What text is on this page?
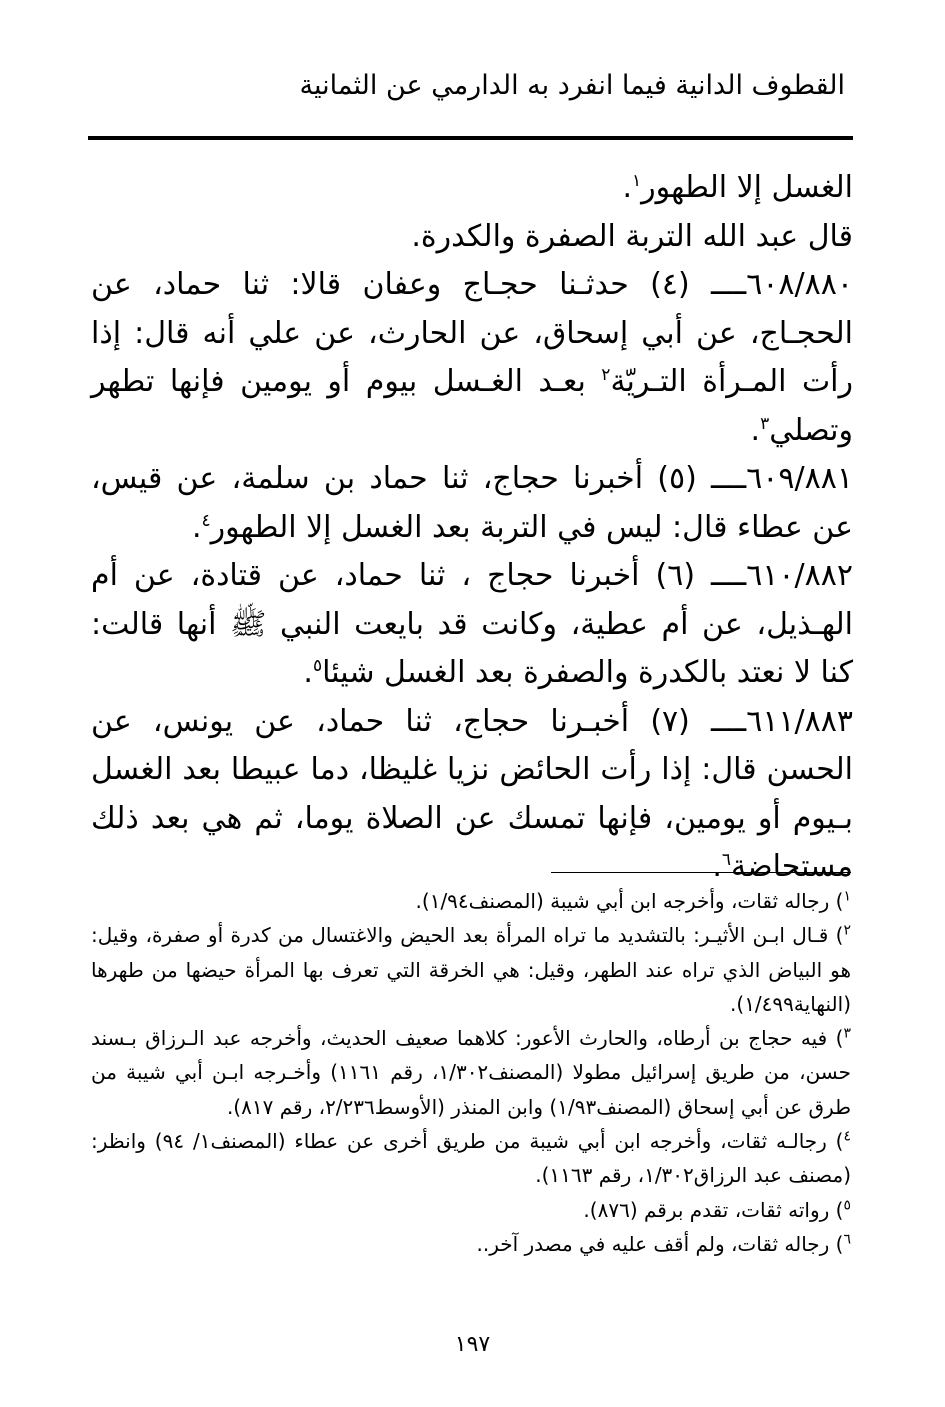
القطوف الدانية فيما انفرد به الدارمي عن الثمانية

الغسل إلا الطهور$^١$.

قال عبد الله التربة الصفرة والكدرة.

٦٠٨/٨٨٠ــــ (٤) حدثـنا حجـاج وعفان قالا: ثنا حماد، عن الحجـاج، عن أبي إسحاق، عن الحارث، عن علي أنه قال: إذا رأت المـرأة التـريّة$^٢$ بعـد الغـسل بيوم أو يومين فإنها تطهر وتصلي$^٣$.

٦٠٩/٨٨١ــــ (٥) أخبرنا حجاج، ثنا حماد بن سلمة، عن قيس، عن عطاء قال: ليس في التربة بعد الغسل إلا الطهور$^٤$.

٦١٠/٨٨٢ــــ (٦) أخبرنا حجاج ، ثنا حماد، عن قتادة، عن أم الهـذيل، عن أم عطية، وكانت قد بايعت النبي ﷺ أنها قالت: كنا لا نعتد بالكدرة والصفرة بعد الغسل شيئا$^٥$.

٦١١/٨٨٣ــــ (٧) أخبـرنا حجاج، ثنا حماد، عن يونس، عن الحسن قال: إذا رأت الحائض نزيا غليظا، دما عبيطا بعد الغسل بـيوم أو يومين، فإنها تمسك عن الصلاة يوما، ثم هي بعد ذلك مستحاضة$^٦$.

$^١$) رجاله ثقات، وأخرجه ابن أبي شيبة (المصنف١/٩٤).

$^٢$) قـال ابـن الأثيـر: بالتشديد ما تراه المرأة بعد الحيض والاغتسال من كدرة أو صفرة، وقيل: هو البياض الذي تراه عند الطهر، وقيل: هي الخرقة التي تعرف بها المرأة حيضها من طهرها (النهاية١/٤٩٩).

$^٣$) فيه حجاج بن أرطاه، والحارث الأعور: كلاهما صعيف الحديث، وأخرجه عبد الـرزاق بـسند حسن، من طريق إسرائيل مطولا (المصنف١/٣٠٢، رقم ١١٦١) وأخـرجه ابـن أبي شيبة من طرق عن أبي إسحاق (المصنف١/٩٣) وابن المنذر (الأوسط٢/٢٣٦، رقم ٨١٧).

$^٤$) رجالـه ثقات، وأخرجه ابن أبي شيبة من طريق أخرى عن عطاء (المصنف١/ ٩٤) وانظر: (مصنف عبد الرزاق١/٣٠٢، رقم ١١٦٣).

$^٥$) رواته ثقات، تقدم برقم (٨٧٦).

$^٦$) رجاله ثقات، ولم أقف عليه في مصدر آخر..

١٩٧
